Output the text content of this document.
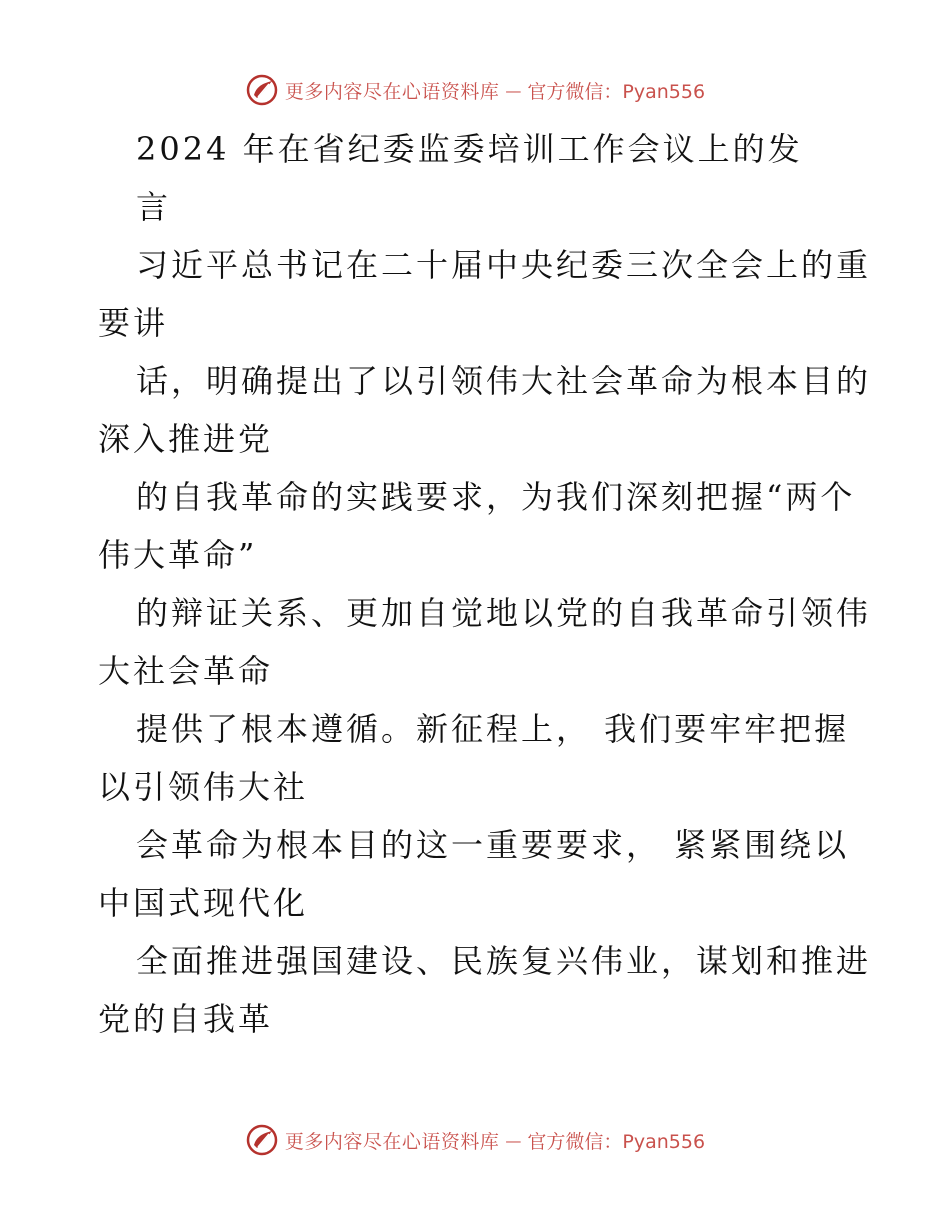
更多内容尽在心语资料库 — 官方微信：Pyan556
2024 年在省纪委监委培训工作会议上的发
言
习近平总书记在二十届中央纪委三次全会上的重
要讲
话，明确提出了以引领伟大社会革命为根本目的
深入推进党
的自我革命的实践要求，为我们深刻把握“两个
伟大革命”
的辩证关系、更加自觉地以党的自我革命引领伟
大社会革命
提供了根本遵循。新征程上， 我们要牢牢把握
以引领伟大社
会革命为根本目的这一重要要求， 紧紧围绕以
中国式现代化
全面推进强国建设、民族复兴伟业，谋划和推进
党的自我革
更多内容尽在心语资料库 — 官方微信：Pyan556
